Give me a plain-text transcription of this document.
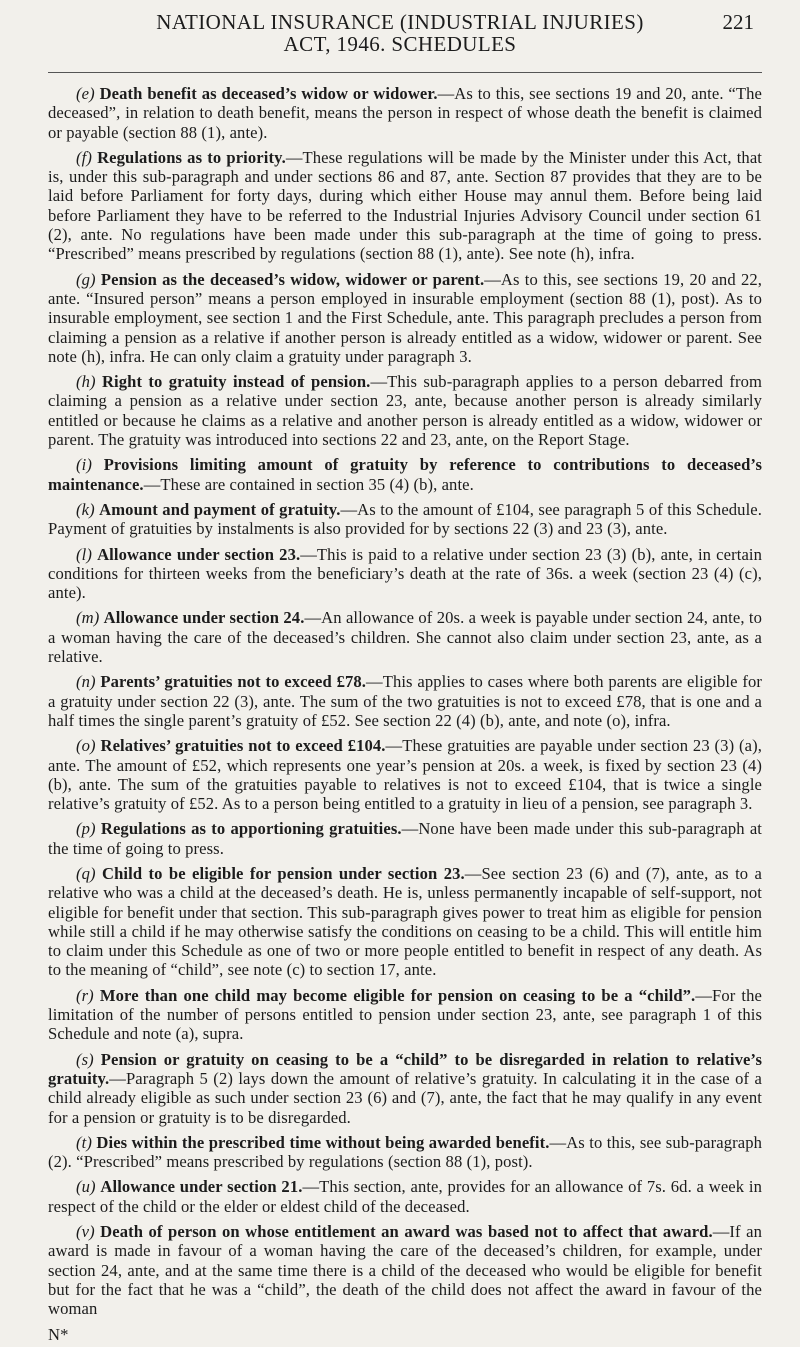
NATIONAL INSURANCE (INDUSTRIAL INJURIES)
ACT, 1946. SCHEDULES
221

(e) Death benefit as deceased’s widow or widower.—As to this, see sections 19 and 20, ante. “The deceased”, in relation to death benefit, means the person in respect of whose death the benefit is claimed or payable (section 88 (1), ante).

(f) Regulations as to priority.—These regulations will be made by the Minister under this Act, that is, under this sub-paragraph and under sections 86 and 87, ante. Section 87 provides that they are to be laid before Parliament for forty days, during which either House may annul them. Before being laid before Parliament they have to be referred to the Industrial Injuries Advisory Council under section 61 (2), ante. No regulations have been made under this sub-paragraph at the time of going to press. “Prescribed” means prescribed by regulations (section 88 (1), ante). See note (h), infra.

(g) Pension as the deceased’s widow, widower or parent.—As to this, see sections 19, 20 and 22, ante. “Insured person” means a person employed in insurable employment (section 88 (1), post). As to insurable employment, see section 1 and the First Schedule, ante. This paragraph precludes a person from claiming a pension as a relative if another person is already entitled as a widow, widower or parent. See note (h), infra. He can only claim a gratuity under paragraph 3.

(h) Right to gratuity instead of pension.—This sub-paragraph applies to a person debarred from claiming a pension as a relative under section 23, ante, because another person is already similarly entitled or because he claims as a relative and another person is already entitled as a widow, widower or parent. The gratuity was introduced into sections 22 and 23, ante, on the Report Stage.

(i) Provisions limiting amount of gratuity by reference to contributions to deceased’s maintenance.—These are contained in section 35 (4) (b), ante.

(k) Amount and payment of gratuity.—As to the amount of £104, see paragraph 5 of this Schedule. Payment of gratuities by instalments is also provided for by sections 22 (3) and 23 (3), ante.

(l) Allowance under section 23.—This is paid to a relative under section 23 (3) (b), ante, in certain conditions for thirteen weeks from the beneficiary’s death at the rate of 36s. a week (section 23 (4) (c), ante).

(m) Allowance under section 24.—An allowance of 20s. a week is payable under section 24, ante, to a woman having the care of the deceased’s children. She cannot also claim under section 23, ante, as a relative.

(n) Parents’ gratuities not to exceed £78.—This applies to cases where both parents are eligible for a gratuity under section 22 (3), ante. The sum of the two gratuities is not to exceed £78, that is one and a half times the single parent’s gratuity of £52. See section 22 (4) (b), ante, and note (o), infra.

(o) Relatives’ gratuities not to exceed £104.—These gratuities are payable under section 23 (3) (a), ante. The amount of £52, which represents one year’s pension at 20s. a week, is fixed by section 23 (4) (b), ante. The sum of the gratuities payable to relatives is not to exceed £104, that is twice a single relative’s gratuity of £52. As to a person being entitled to a gratuity in lieu of a pension, see paragraph 3.

(p) Regulations as to apportioning gratuities.—None have been made under this sub-paragraph at the time of going to press.

(q) Child to be eligible for pension under section 23.—See section 23 (6) and (7), ante, as to a relative who was a child at the deceased’s death. He is, unless permanently incapable of self-support, not eligible for benefit under that section. This sub-paragraph gives power to treat him as eligible for pension while still a child if he may otherwise satisfy the conditions on ceasing to be a child. This will entitle him to claim under this Schedule as one of two or more people entitled to benefit in respect of any death. As to the meaning of “child”, see note (c) to section 17, ante.

(r) More than one child may become eligible for pension on ceasing to be a “child”.—For the limitation of the number of persons entitled to pension under section 23, ante, see paragraph 1 of this Schedule and note (a), supra.

(s) Pension or gratuity on ceasing to be a “child” to be disregarded in relation to relative’s gratuity.—Paragraph 5 (2) lays down the amount of relative’s gratuity. In calculating it in the case of a child already eligible as such under section 23 (6) and (7), ante, the fact that he may qualify in any event for a pension or gratuity is to be disregarded.

(t) Dies within the prescribed time without being awarded benefit.—As to this, see sub-paragraph (2). “Prescribed” means prescribed by regulations (section 88 (1), post).

(u) Allowance under section 21.—This section, ante, provides for an allowance of 7s. 6d. a week in respect of the child or the elder or eldest child of the deceased.

(v) Death of person on whose entitlement an award was based not to affect that award.—If an award is made in favour of a woman having the care of the deceased’s children, for example, under section 24, ante, and at the same time there is a child of the deceased who would be eligible for benefit but for the fact that he was a “child”, the death of the child does not affect the award in favour of the woman

N*
